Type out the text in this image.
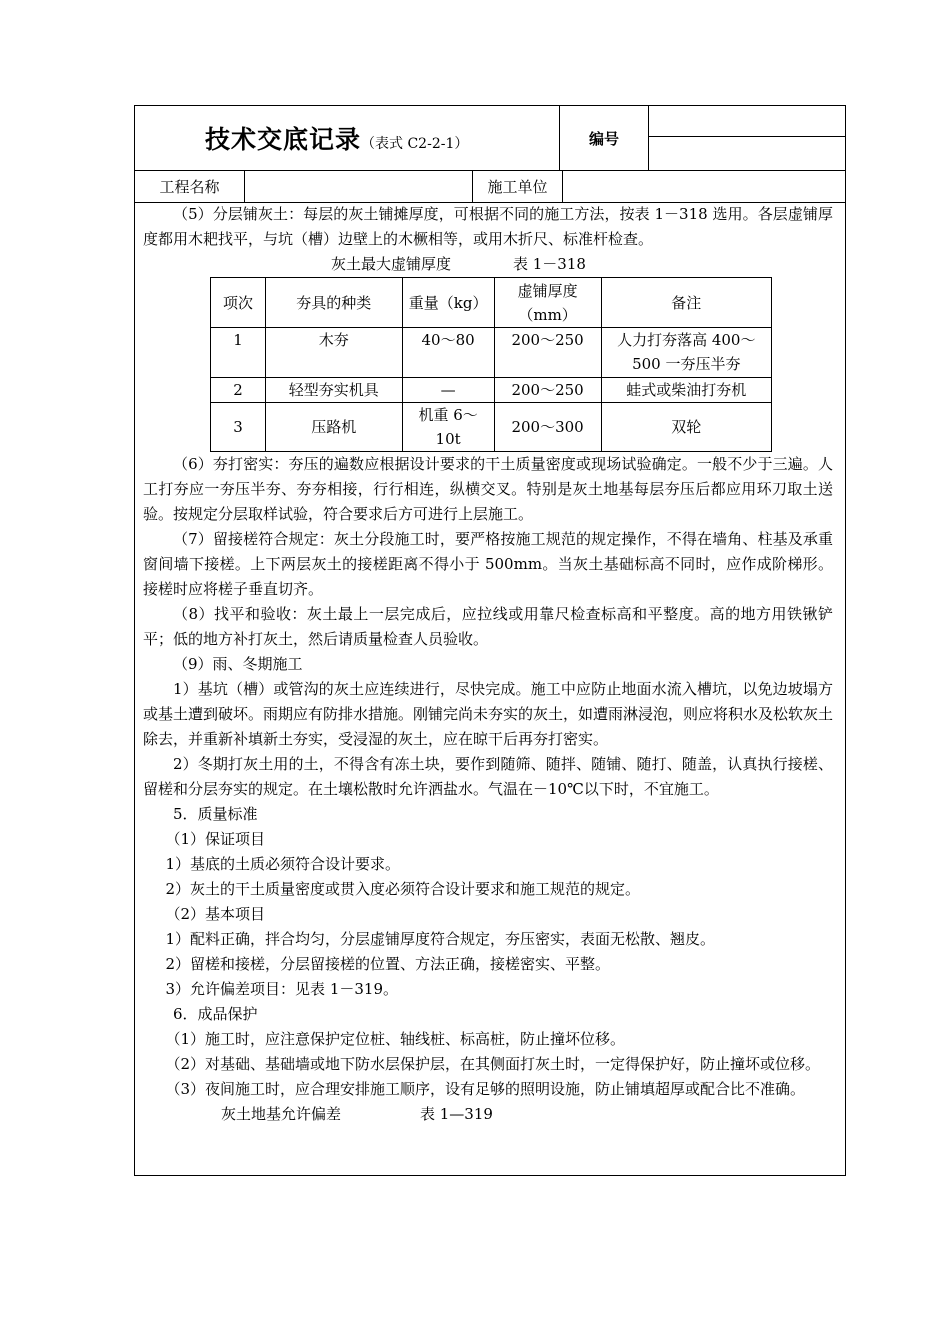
技术交底记录（表式 C2-2-1）	编号
工程名称	施工单位

（5）分层铺灰土：每层的灰土铺摊厚度，可根据不同的施工方法，按表 1－318 选用。各层虚铺厚度都用木耙找平，与坑（槽）边壁上的木橛相等，或用木折尺、标准杆检查。

灰土最大虚铺厚度	表 1－318
项次	夯具的种类	重量（kg）	虚铺厚度（mm）	备注
1	木夯	40～80	200～250	人力打夯落高 400～500 一夯压半夯
2	轻型夯实机具	—	200～250	蛙式或柴油打夯机
3	压路机	机重 6～10t	200～300	双轮

（6）夯打密实：夯压的遍数应根据设计要求的干土质量密度或现场试验确定。一般不少于三遍。人工打夯应一夯压半夯、夯夯相接，行行相连，纵横交叉。特别是灰土地基每层夯压后都应用环刀取土送验。按规定分层取样试验，符合要求后方可进行上层施工。

（7）留接槎符合规定：灰土分段施工时，要严格按施工规范的规定操作，不得在墙角、柱基及承重窗间墙下接槎。上下两层灰土的接槎距离不得小于 500mm。当灰土基础标高不同时，应作成阶梯形。接槎时应将槎子垂直切齐。

（8）找平和验收：灰土最上一层完成后，应拉线或用靠尺检查标高和平整度。高的地方用铁锹铲平；低的地方补打灰土，然后请质量检查人员验收。

（9）雨、冬期施工

1）基坑（槽）或管沟的灰土应连续进行，尽快完成。施工中应防止地面水流入槽坑，以免边坡塌方或基土遭到破坏。雨期应有防排水措施。刚铺完尚未夯实的灰土，如遭雨淋浸泡，则应将积水及松软灰土除去，并重新补填新土夯实，受浸湿的灰土，应在晾干后再夯打密实。

2）冬期打灰土用的土，不得含有冻土块，要作到随筛、随拌、随铺、随打、随盖，认真执行接槎、留槎和分层夯实的规定。在土壤松散时允许洒盐水。气温在－10℃以下时，不宜施工。

5．质量标准

（1）保证项目

1）基底的土质必须符合设计要求。

2）灰土的干土质量密度或贯入度必须符合设计要求和施工规范的规定。

（2）基本项目

1）配料正确，拌合均匀，分层虚铺厚度符合规定，夯压密实，表面无松散、翘皮。

2）留槎和接槎，分层留接槎的位置、方法正确，接槎密实、平整。

3）允许偏差项目：见表 1－319。

6．成品保护

（1）施工时，应注意保护定位桩、轴线桩、标高桩，防止撞坏位移。

（2）对基础、基础墙或地下防水层保护层，在其侧面打灰土时，一定得保护好，防止撞坏或位移。

（3）夜间施工时，应合理安排施工顺序，设有足够的照明设施，防止铺填超厚或配合比不准确。

灰土地基允许偏差	表 1—319
